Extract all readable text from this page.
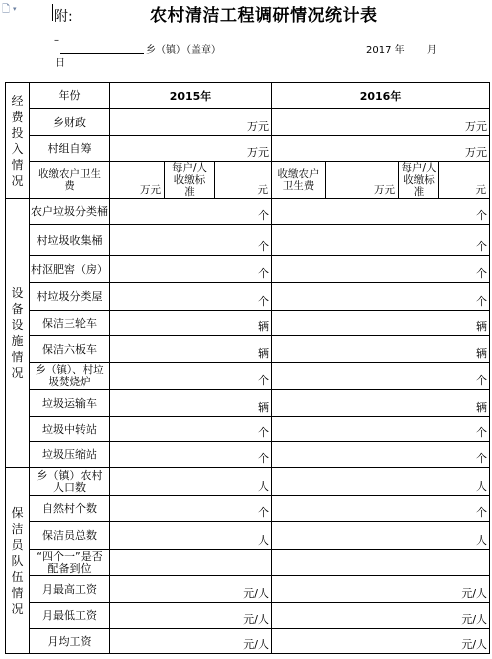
🗋 ▾	附:	农村清洁工程调研情况统计表
–
乡（镇）（盖章）	2017 年 月
日
经费投入情况	年份	2015年			2016年			
	乡财政	万元			万元			
	村组自筹	万元			万元			

	收缴农户卫生费	万元	每户/人收缴标准	元	收缴农户卫生费	万元	每户/人收缴标准	元

设备设施情况	农户垃圾分类桶	个			个			
	村垃圾收集桶	个			个			
	村沤肥窖（房）	个			个			
	村垃圾分类屋	个			个			
	保洁三轮车	辆			辆			
	保洁六板车	辆			辆			

	乡（镇）、村垃圾焚烧炉	个			个			
	垃圾运输车	辆			辆			
	垃圾中转站	个			个			
	垃圾压缩站	个			个			

保洁员队伍情况	乡（镇）农村人口数	人			人			
	自然村个数	个			个			
	保洁员总数	人			人			

	“四个一”是否配备到位							

	月最高工资	元/人			元/人			
	月最低工资	元/人			元/人			
	月均工资	元/人			元/人			
